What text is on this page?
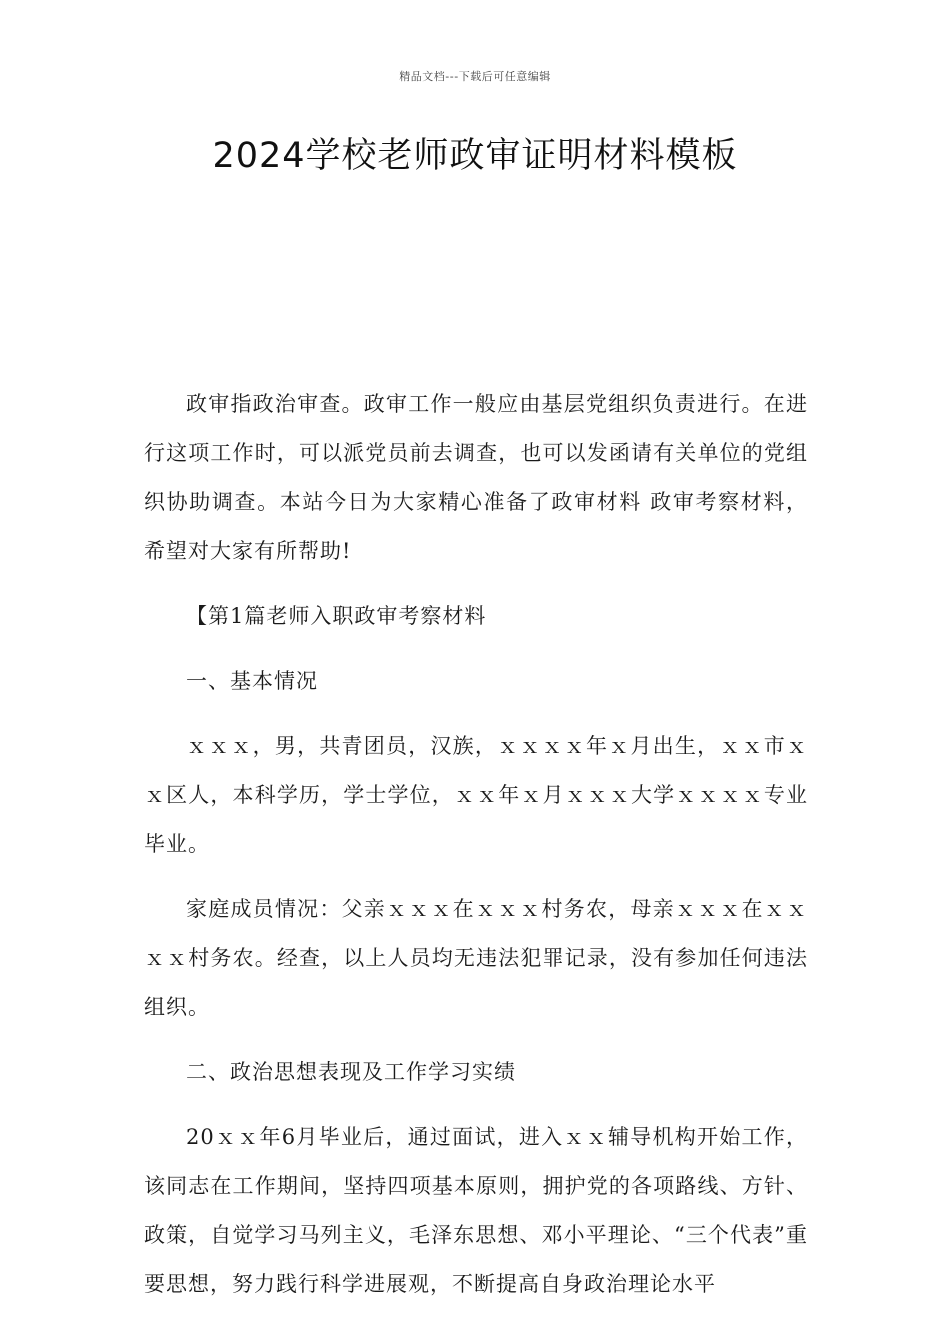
精品文档---下载后可任意编辑
2024学校老师政审证明材料模板

政审指政治审查。政审工作一般应由基层党组织负责进行。在进行这项工作时，可以派党员前去调查，也可以发函请有关单位的党组织协助调查。本站今日为大家精心准备了政审材料 政审考察材料，希望对大家有所帮助!

【第1篇老师入职政审考察材料

一、基本情况

ｘｘｘ，男，共青团员，汉族，ｘｘｘｘ年ｘ月出生，ｘｘ市ｘｘ区人，本科学历，学士学位，ｘｘ年ｘ月ｘｘｘ大学ｘｘｘｘ专业毕业。

家庭成员情况：父亲ｘｘｘ在ｘｘｘ村务农，母亲ｘｘｘ在ｘｘｘｘ村务农。经查，以上人员均无违法犯罪记录，没有参加任何违法组织。

二、政治思想表现及工作学习实绩

20ｘｘ年6月毕业后，通过面试，进入ｘｘ辅导机构开始工作，该同志在工作期间，坚持四项基本原则，拥护党的各项路线、方针、政策，自觉学习马列主义，毛泽东思想、邓小平理论、“三个代表”重要思想，努力践行科学进展观，不断提高自身政治理论水平
